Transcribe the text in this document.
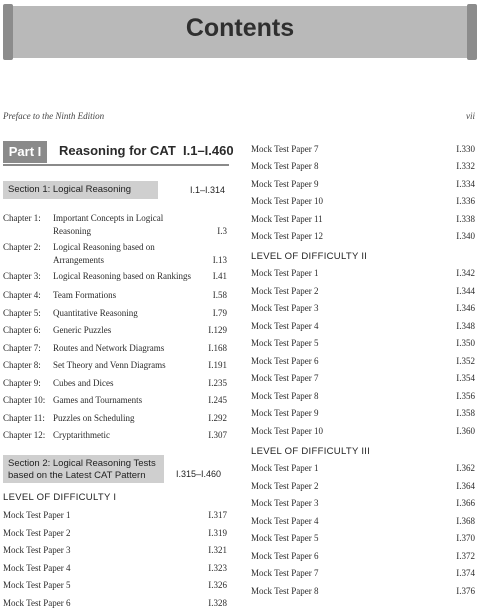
Contents
Preface to the Ninth Edition	vii
Part I	Reasoning for CAT I.1–I.460
Section 1: Logical Reasoning	I.1–I.314
Chapter 1: Important Concepts in Logical
Reasoning	I.3
Chapter 2: Logical Reasoning based on
Arrangements	I.13
Chapter 3: Logical Reasoning based on Rankings I.41
Chapter 4: Team Formations	I.58
Chapter 5: Quantitative Reasoning	I.79
Chapter 6: Generic Puzzles	I.129
Chapter 7: Routes and Network Diagrams	I.168
Chapter 8: Set Theory and Venn Diagrams	I.191
Chapter 9: Cubes and Dices	I.235
Chapter 10: Games and Tournaments	I.245
Chapter 11: Puzzles on Scheduling	I.292
Chapter 12: Cryptarithmetic	I.307
Section 2: Logical Reasoning Tests based on the Latest CAT Pattern	I.315–I.460
LEVEL OF DIFFICULTY I
LEVEL OF DIFFICULTY II
LEVEL OF DIFFICULTY III
Mock Test Paper 1	I.317
Mock Test Paper 2	I.319
Mock Test Paper 3	I.321
Mock Test Paper 4	I.323
Mock Test Paper 5	I.326
Mock Test Paper 6	I.328
Mock Test Paper 7	I.330
Mock Test Paper 8	I.332
Mock Test Paper 9	I.334
Mock Test Paper 10	I.336
Mock Test Paper 11	I.338
Mock Test Paper 12	I.340
Mock Test Paper 1	I.342
Mock Test Paper 2	I.344
Mock Test Paper 3	I.346
Mock Test Paper 4	I.348
Mock Test Paper 5	I.350
Mock Test Paper 6	I.352
Mock Test Paper 7	I.354
Mock Test Paper 8	I.356
Mock Test Paper 9	I.358
Mock Test Paper 10	I.360
Mock Test Paper 1	I.362
Mock Test Paper 2	I.364
Mock Test Paper 3	I.366
Mock Test Paper 4	I.368
Mock Test Paper 5	I.370
Mock Test Paper 6	I.372
Mock Test Paper 7	I.374
Mock Test Paper 8	I.376
